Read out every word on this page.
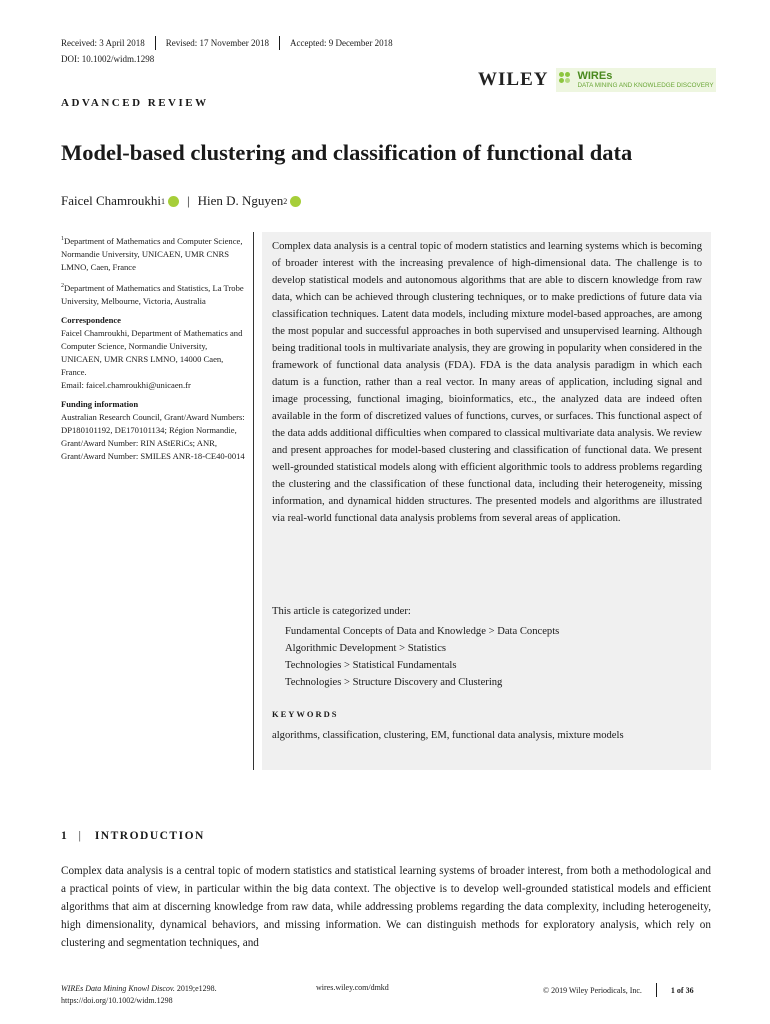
Received: 3 April 2018 Revised: 17 November 2018 Accepted: 9 December 2018
DOI: 10.1002/widm.1298
WILEY	WIREs
DATA MINING AND KNOWLEDGE DISCOVERY
ADVANCED REVIEW
Model-based clustering and classification of functional data
Faicel Chamroukhi 1 | Hien D. Nguyen 2

$^1$Department of Mathematics and Computer Science, Normandie University, UNICAEN, UMR CNRS LMNO, Caen, France

$^2$Department of Mathematics and Statistics, La Trobe University, Melbourne, Victoria, Australia

Correspondence

Faicel Chamroukhi, Department of Mathematics and Computer Science, Normandie University, UNICAEN, UMR CNRS LMNO, 14000 Caen, France.

Email: faicel.chamroukhi@unicaen.fr

Funding information

Australian Research Council, Grant/Award Numbers: DP180101192, DE170101134; Région Normandie, Grant/Award Number: RIN AStERiCs; ANR, Grant/Award Number: SMILES ANR-18-CE40-0014

Complex data analysis is a central topic of modern statistics and learning systems which is becoming of broader interest with the increasing prevalence of high-dimensional data. The challenge is to develop statistical models and autonomous algorithms that are able to discern knowledge from raw data, which can be achieved through clustering techniques, or to make predictions of future data via classification techniques. Latent data models, including mixture model-based approaches, are among the most popular and successful approaches in both supervised and unsupervised learning. Although being traditional tools in multivariate analysis, they are growing in popularity when considered in the framework of functional data analysis (FDA). FDA is the data analysis paradigm in which each datum is a function, rather than a real vector. In many areas of application, including signal and image processing, functional imaging, bioinformatics, etc., the analyzed data are indeed often available in the form of discretized values of functions, curves, or surfaces. This functional aspect of the data adds additional difficulties when compared to classical multivariate data analysis. We review and present approaches for model-based clustering and classification of functional data. We present well-grounded statistical models along with efficient algorithmic tools to address problems regarding the clustering and the classification of these functional data, including their heterogeneity, missing information, and dynamical hidden structures. The presented models and algorithms are illustrated via real-world functional data analysis problems from several areas of application.

This article is categorized under:
Fundamental Concepts of Data and Knowledge > Data Concepts
Algorithmic Development > Statistics
Technologies > Statistical Fundamentals
Technologies > Structure Discovery and Clustering
KEYWORDS
algorithms, classification, clustering, EM, functional data analysis, mixture models
1 | INTRODUCTION

Complex data analysis is a central topic of modern statistics and statistical learning systems of broader interest, from both a methodological and a practical points of view, in particular within the big data context. The objective is to develop well-grounded statistical models and efficient algorithms that aim at discerning knowledge from raw data, while addressing problems regarding the data complexity, including heterogeneity, high dimensionality, dynamical behaviors, and missing information. We can distinguish methods for exploratory analysis, which rely on clustering and segmentation techniques, and

WIREs Data Mining Knowl Discov. 2019;e1298.
https://doi.org/10.1002/widm.1298
wires.wiley.com/dmkd	© 2019 Wiley Periodicals, Inc.	1 of 36
